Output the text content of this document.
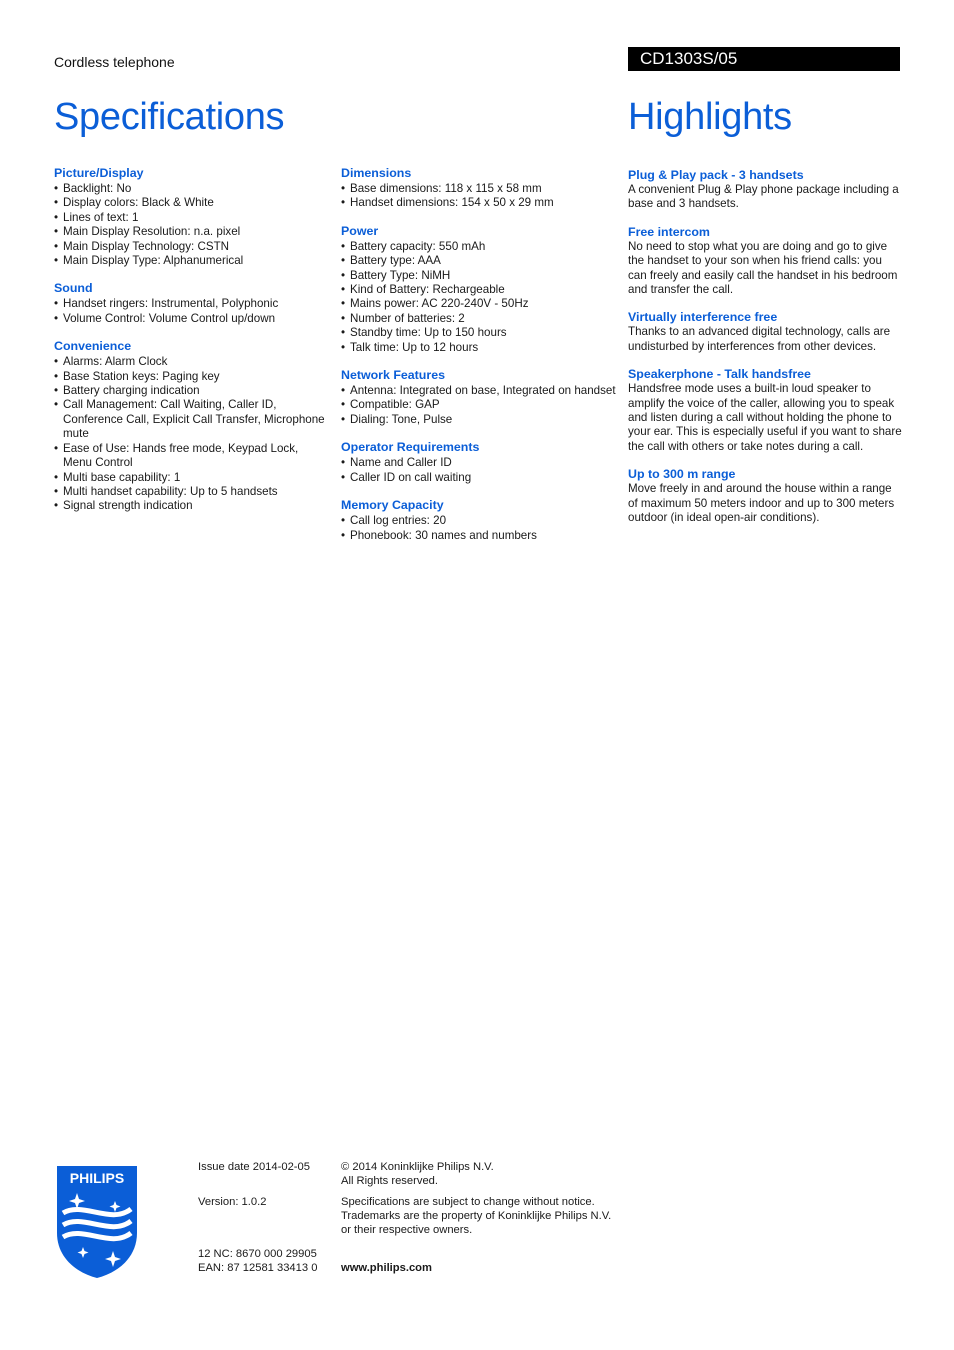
Cordless telephone	CD1303S/05
Specifications	Highlights
Picture/Display
• Backlight: No
• Display colors: Black & White
• Lines of text: 1
• Main Display Resolution: n.a. pixel
• Main Display Technology: CSTN
• Main Display Type: Alphanumerical
Sound
• Handset ringers: Instrumental, Polyphonic
• Volume Control: Volume Control up/down
Convenience
• Alarms: Alarm Clock
• Base Station keys: Paging key
• Battery charging indication
• Call Management: Call Waiting, Caller ID, Conference Call, Explicit Call Transfer, Microphone mute
• Ease of Use: Hands free mode, Keypad Lock, Menu Control
• Multi base capability: 1
• Multi handset capability: Up to 5 handsets
• Signal strength indication
Dimensions
• Base dimensions: 118 x 115 x 58 mm
• Handset dimensions: 154 x 50 x 29 mm
Power
• Battery capacity: 550 mAh
• Battery type: AAA
• Battery Type: NiMH
• Kind of Battery: Rechargeable
• Mains power: AC 220-240V - 50Hz
• Number of batteries: 2
• Standby time: Up to 150 hours
• Talk time: Up to 12 hours
Network Features
• Antenna: Integrated on base, Integrated on handset
• Compatible: GAP
• Dialing: Tone, Pulse
Operator Requirements
• Name and Caller ID
• Caller ID on call waiting
Memory Capacity
• Call log entries: 20
• Phonebook: 30 names and numbers
Plug & Play pack - 3 handsets
A convenient Plug & Play phone package including a base and 3 handsets.
Free intercom
No need to stop what you are doing and go to give the handset to your son when his friend calls: you can freely and easily call the handset in his bedroom and transfer the call.
Virtually interference free
Thanks to an advanced digital technology, calls are undisturbed by interferences from other devices.
Speakerphone - Talk handsfree
Handsfree mode uses a built-in loud speaker to amplify the voice of the caller, allowing you to speak and listen during a call without holding the phone to your ear. This is especially useful if you want to share the call with others or take notes during a call.
Up to 300 m range
Move freely in and around the house within a range of maximum 50 meters indoor and up to 300 meters outdoor (in ideal open-air conditions).
PHILIPS
Issue date 2014-02-05
Version: 1.0.2
12 NC: 8670 000 29905
EAN: 87 12581 33413 0
© 2014 Koninklijke Philips N.V.
All Rights reserved.
Specifications are subject to change without notice.
Trademarks are the property of Koninklijke Philips N.V.
or their respective owners.
www.philips.com
